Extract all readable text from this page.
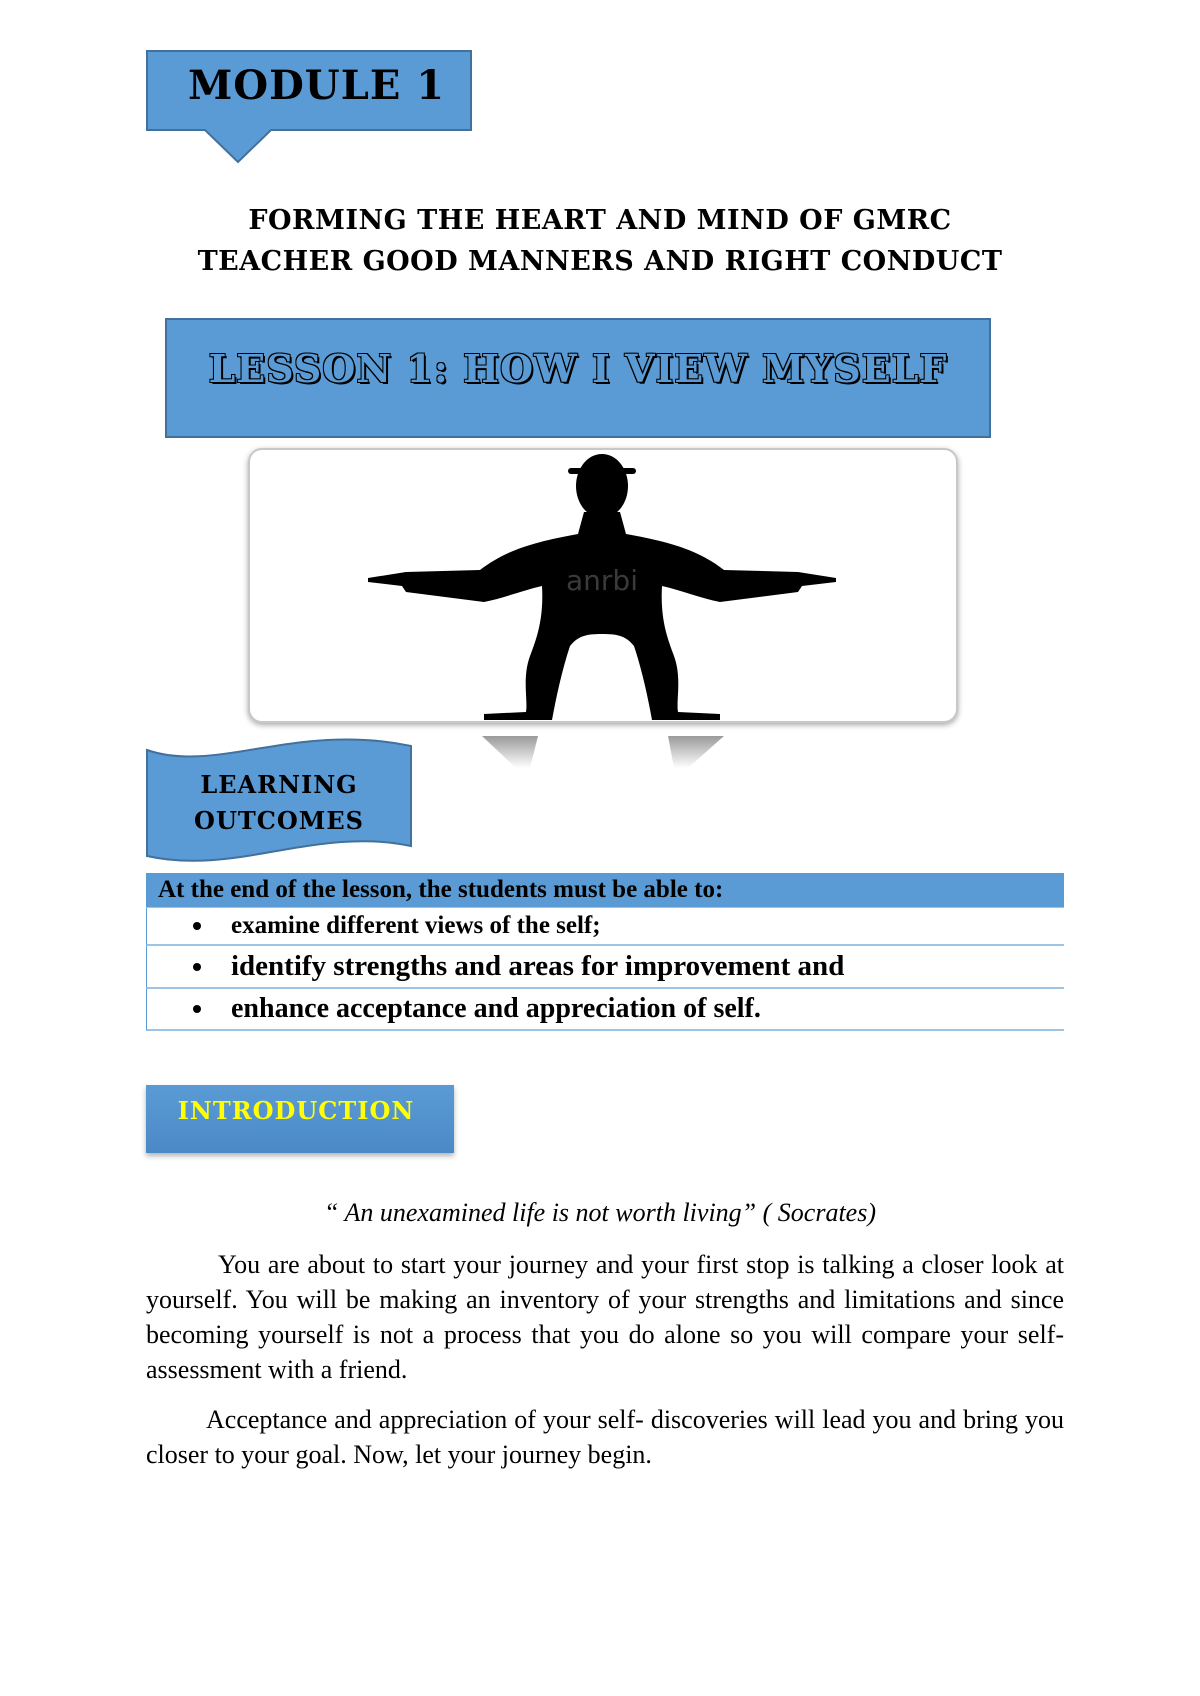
MODULE 1
FORMING THE HEART AND MIND OF GMRC
TEACHER GOOD MANNERS AND RIGHT CONDUCT
LESSON 1: HOW I VIEW MYSELF
anrbi
LEARNING
OUTCOMES
At the end of the lesson, the students must be able to:
examine different views of the self;
identify strengths and areas for improvement and
enhance acceptance and appreciation of self.
INTRODUCTION
“ An unexamined life is not worth living” ( Socrates)

You are about to start your journey and your first stop is talking a closer look at yourself. You will be making an inventory of your strengths and limitations and since becoming yourself is not a process that you do alone so you will compare your self- assessment with a friend.

Acceptance and appreciation of your self- discoveries will lead you and bring you closer to your goal. Now, let your journey begin.
